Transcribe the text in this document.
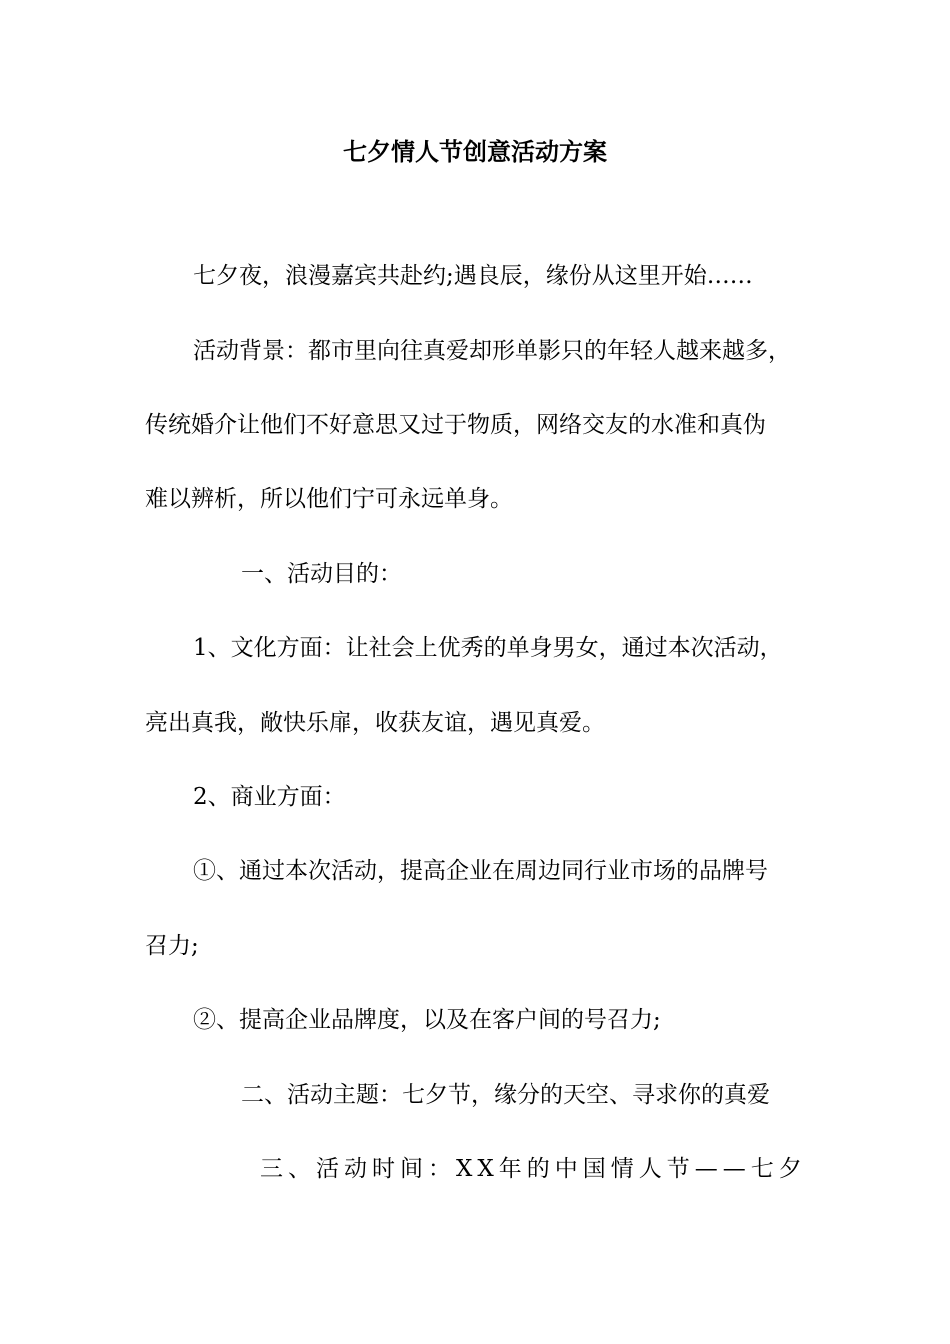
七夕情人节创意活动方案
七夕夜，浪漫嘉宾共赴约;遇良辰，缘份从这里开始……
活动背景：都市里向往真爱却形单影只的年轻人越来越多，
传统婚介让他们不好意思又过于物质，网络交友的水准和真伪
难以辨析，所以他们宁可永远单身。
一、活动目的：
1、文化方面：让社会上优秀的单身男女，通过本次活动，
亮出真我，敞快乐扉，收获友谊，遇见真爱。
2、商业方面：
①、通过本次活动，提高企业在周边同行业市场的品牌号
召力;
②、提高企业品牌度，以及在客户间的号召力;
二、活动主题：七夕节，缘分的天空、寻求你的真爱
三、活动时间：XX年的中国情人节——七夕
